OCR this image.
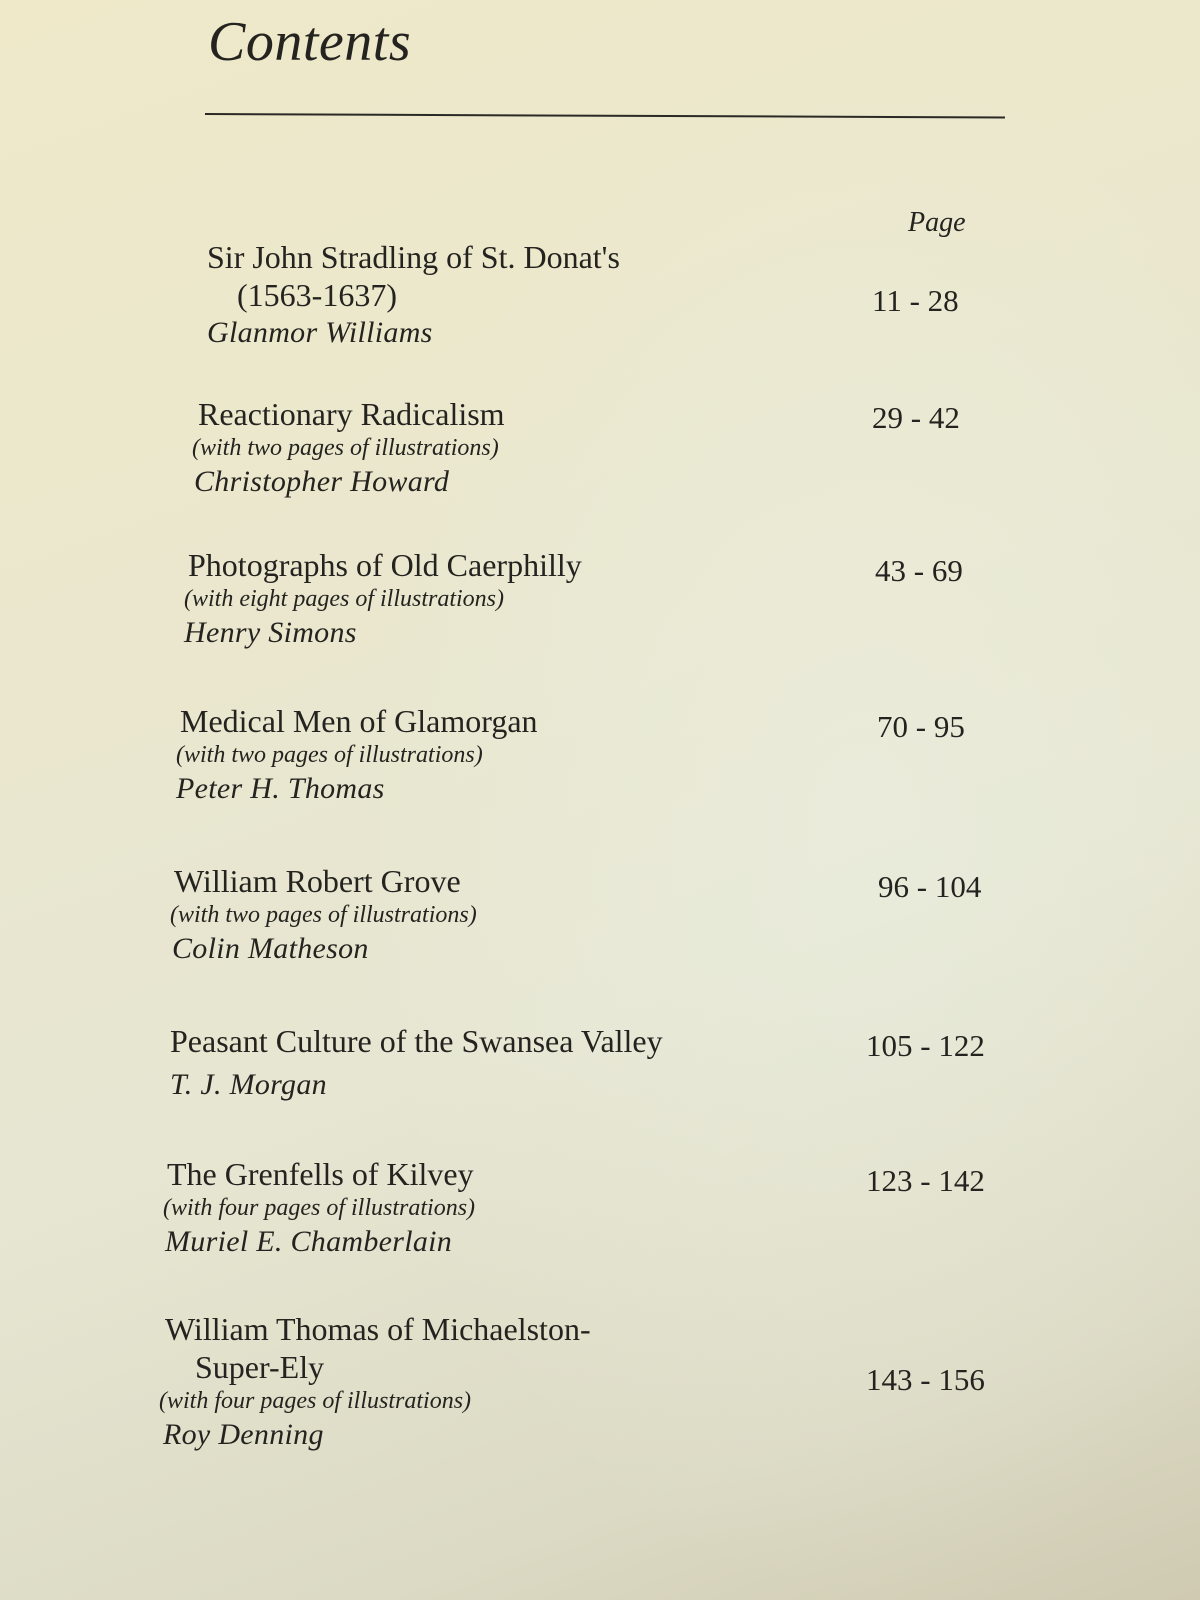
Contents
Page
Sir John Stradling of St. Donat's
(1563-1637)
Glanmor Williams
11 - 28
Reactionary Radicalism
(with two pages of illustrations)
Christopher Howard
29 - 42
Photographs of Old Caerphilly
(with eight pages of illustrations)
Henry Simons
43 - 69
Medical Men of Glamorgan
(with two pages of illustrations)
Peter H. Thomas
70 - 95
William Robert Grove
(with two pages of illustrations)
Colin Matheson
96 - 104
Peasant Culture of the Swansea Valley
T. J. Morgan
105 - 122
The Grenfells of Kilvey
(with four pages of illustrations)
Muriel E. Chamberlain
123 - 142
William Thomas of Michaelston-
Super-Ely
(with four pages of illustrations)
Roy Denning
143 - 156
